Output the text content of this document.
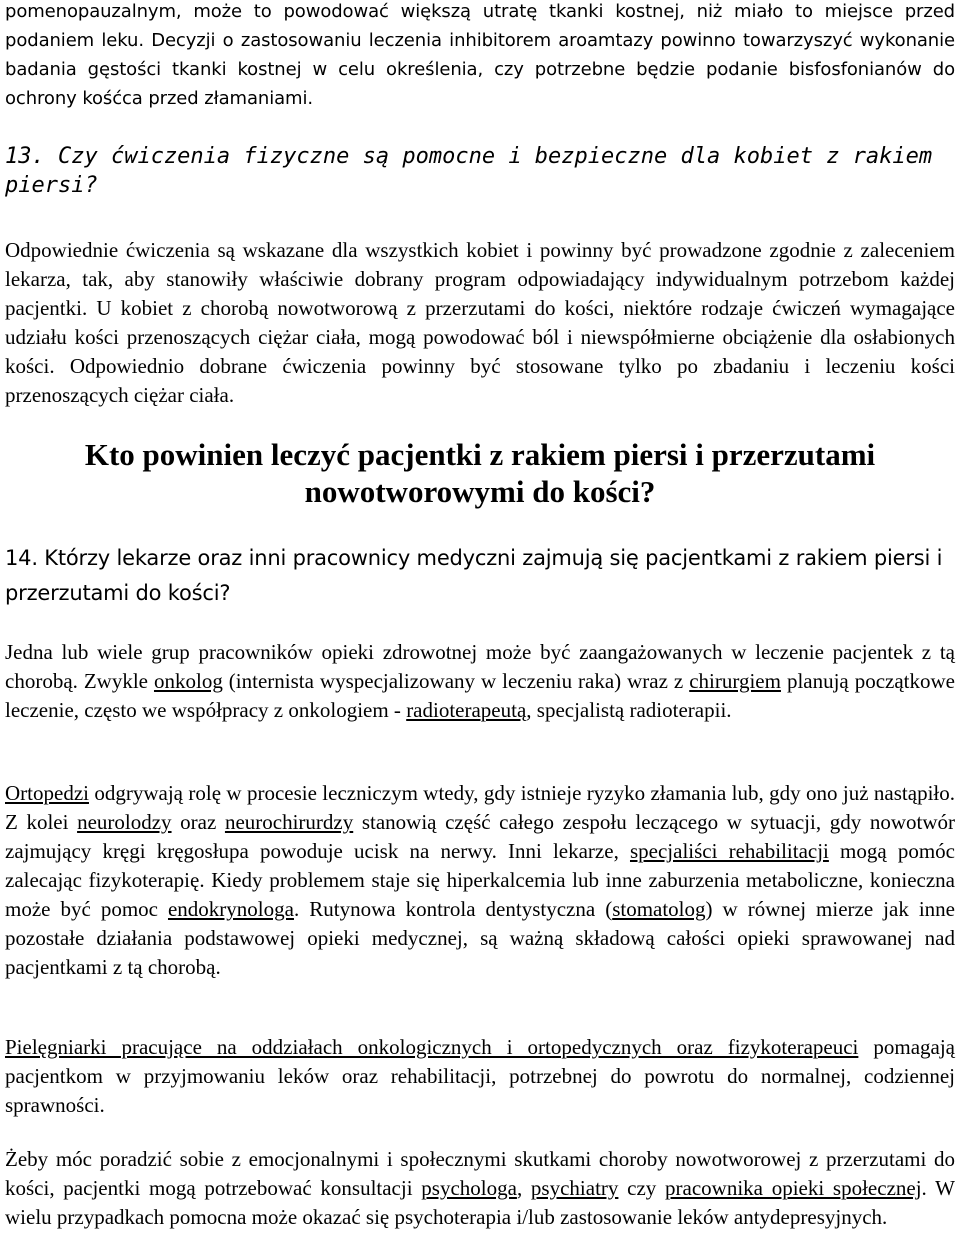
pomenopauzalnym, może to powodować większą utratę tkanki kostnej, niż miało to miejsce przed podaniem leku. Decyzji o zastosowaniu leczenia inhibitorem aroamtazy powinno towarzyszyć wykonanie badania gęstości tkanki kostnej w celu określenia, czy potrzebne będzie podanie bisfosfonianów do ochrony kośćca przed złamaniami.

13. Czy ćwiczenia fizyczne są pomocne i bezpieczne dla kobiet z rakiem piersi?

Odpowiednie ćwiczenia są wskazane dla wszystkich kobiet i powinny być prowadzone zgodnie z zaleceniem lekarza, tak, aby stanowiły właściwie dobrany program odpowiadający indywidualnym potrzebom każdej pacjentki. U kobiet z chorobą nowotworową z przerzutami do kości, niektóre rodzaje ćwiczeń wymagające udziału kości przenoszących ciężar ciała, mogą powodować ból i niewspółmierne obciążenie dla osłabionych kości. Odpowiednio dobrane ćwiczenia powinny być stosowane tylko po zbadaniu i leczeniu kości przenoszących ciężar ciała.

Kto powinien leczyć pacjentki z rakiem piersi i przerzutami nowotworowymi do kości?

14. Którzy lekarze oraz inni pracownicy medyczni zajmują się pacjentkami z rakiem piersi i przerzutami do kości?

Jedna lub wiele grup pracowników opieki zdrowotnej może być zaangażowanych w leczenie pacjentek z tą chorobą. Zwykle onkolog (internista wyspecjalizowany w leczeniu raka) wraz z chirurgiem planują początkowe leczenie, często we współpracy z onkologiem - radioterapeutą, specjalistą radioterapii.

Ortopedzi odgrywają rolę w procesie leczniczym wtedy, gdy istnieje ryzyko złamania lub, gdy ono już nastąpiło. Z kolei neurolodzy oraz neurochirurdzy stanowią część całego zespołu leczącego w sytuacji, gdy nowotwór zajmujący kręgi kręgosłupa powoduje ucisk na nerwy. Inni lekarze, specjaliści rehabilitacji mogą pomóc zalecając fizykoterapię. Kiedy problemem staje się hiperkalcemia lub inne zaburzenia metaboliczne, konieczna może być pomoc endokrynologa. Rutynowa kontrola dentystyczna (stomatolog) w równej mierze jak inne pozostałe działania podstawowej opieki medycznej, są ważną składową całości opieki sprawowanej nad pacjentkami z tą chorobą.

Pielęgniarki pracujące na oddziałach onkologicznych i ortopedycznych oraz fizykoterapeuci pomagają pacjentkom w przyjmowaniu leków oraz rehabilitacji, potrzebnej do powrotu do normalnej, codziennej sprawności.

Żeby móc poradzić sobie z emocjonalnymi i społecznymi skutkami choroby nowotworowej z przerzutami do kości, pacjentki mogą potrzebować konsultacji psychologa, psychiatry czy pracownika opieki społecznej. W wielu przypadkach pomocna może okazać się psychoterapia i/lub zastosowanie leków antydepresyjnych.
